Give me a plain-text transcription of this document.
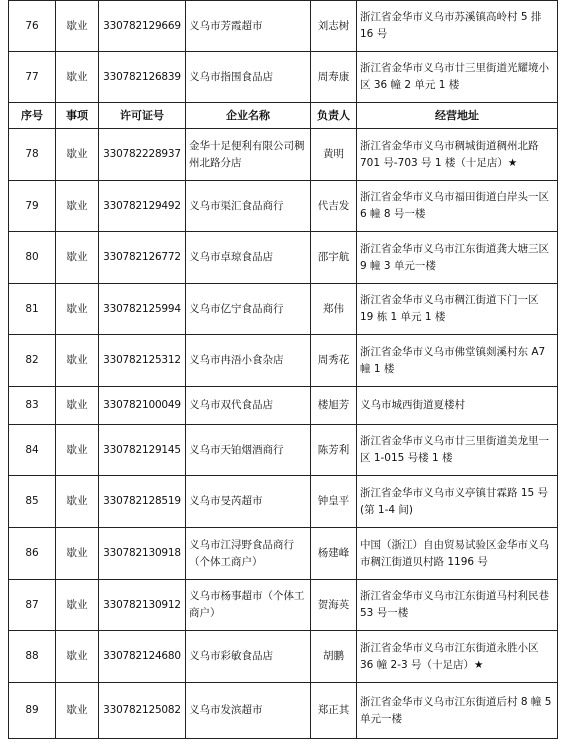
76	歇业	330782129669	义乌市芳霞超市	刘志树	浙江省金华市义乌市苏溪镇高岭村 5 排 16 号
77	歇业	330782126839	义乌市指围食品店	周寿康	浙江省金华市义乌市廿三里街道光耀境小区 36 幢 2 单元 1 楼
序号	事项	许可证号	企业名称	负责人	经营地址
78	歇业	330782228937	金华十足便利有限公司稠州北路分店	黄明	浙江省金华市义乌市稠城街道稠州北路 701 号-703 号 1 楼（十足店）★
79	歇业	330782129492	义乌市渠汇食品商行	代吉发	浙江省金华市义乌市福田街道白岸头一区 6 幢 8 号一楼
80	歇业	330782126772	义乌市卓琼食品店	邵宇航	浙江省金华市义乌市江东街道龚大塘三区 9 幢 3 单元一楼
81	歇业	330782125994	义乌市亿宁食品商行	郑伟	浙江省金华市义乌市稠江街道下门一区 19 栋 1 单元 1 楼
82	歇业	330782125312	义乌市冉浯小食杂店	周秀花	浙江省金华市义乌市佛堂镇剡溪村东 A7 幢 1 楼
83	歇业	330782100049	义乌市双代食品店	楼旭芳	义乌市城西街道夏楼村
84	歇业	330782129145	义乌市天铂烟酒商行	陈芳利	浙江省金华市义乌市廿三里街道美龙里一区 1-015 号楼 1 楼
85	歇业	330782128519	义乌市旻芮超市	钟皇平	浙江省金华市义乌市义亭镇甘霖路 15 号(第 1-4 间)
86	歇业	330782130918	义乌市江浔野食品商行（个体工商户）	杨建峰	中国（浙江）自由贸易试验区金华市义乌市稠江街道贝村路 1196 号
87	歇业	330782130912	义乌市杨事超市（个体工商户）	贺海英	浙江省金华市义乌市江东街道马村利民巷 53 号一楼
88	歇业	330782124680	义乌市彩敏食品店	胡鹏	浙江省金华市义乌市江东街道永胜小区 36 幢 2-3 号（十足店）★
89	歇业	330782125082	义乌市发滨超市	郑正其	浙江省金华市义乌市江东街道后村 8 幢 5 单元一楼
